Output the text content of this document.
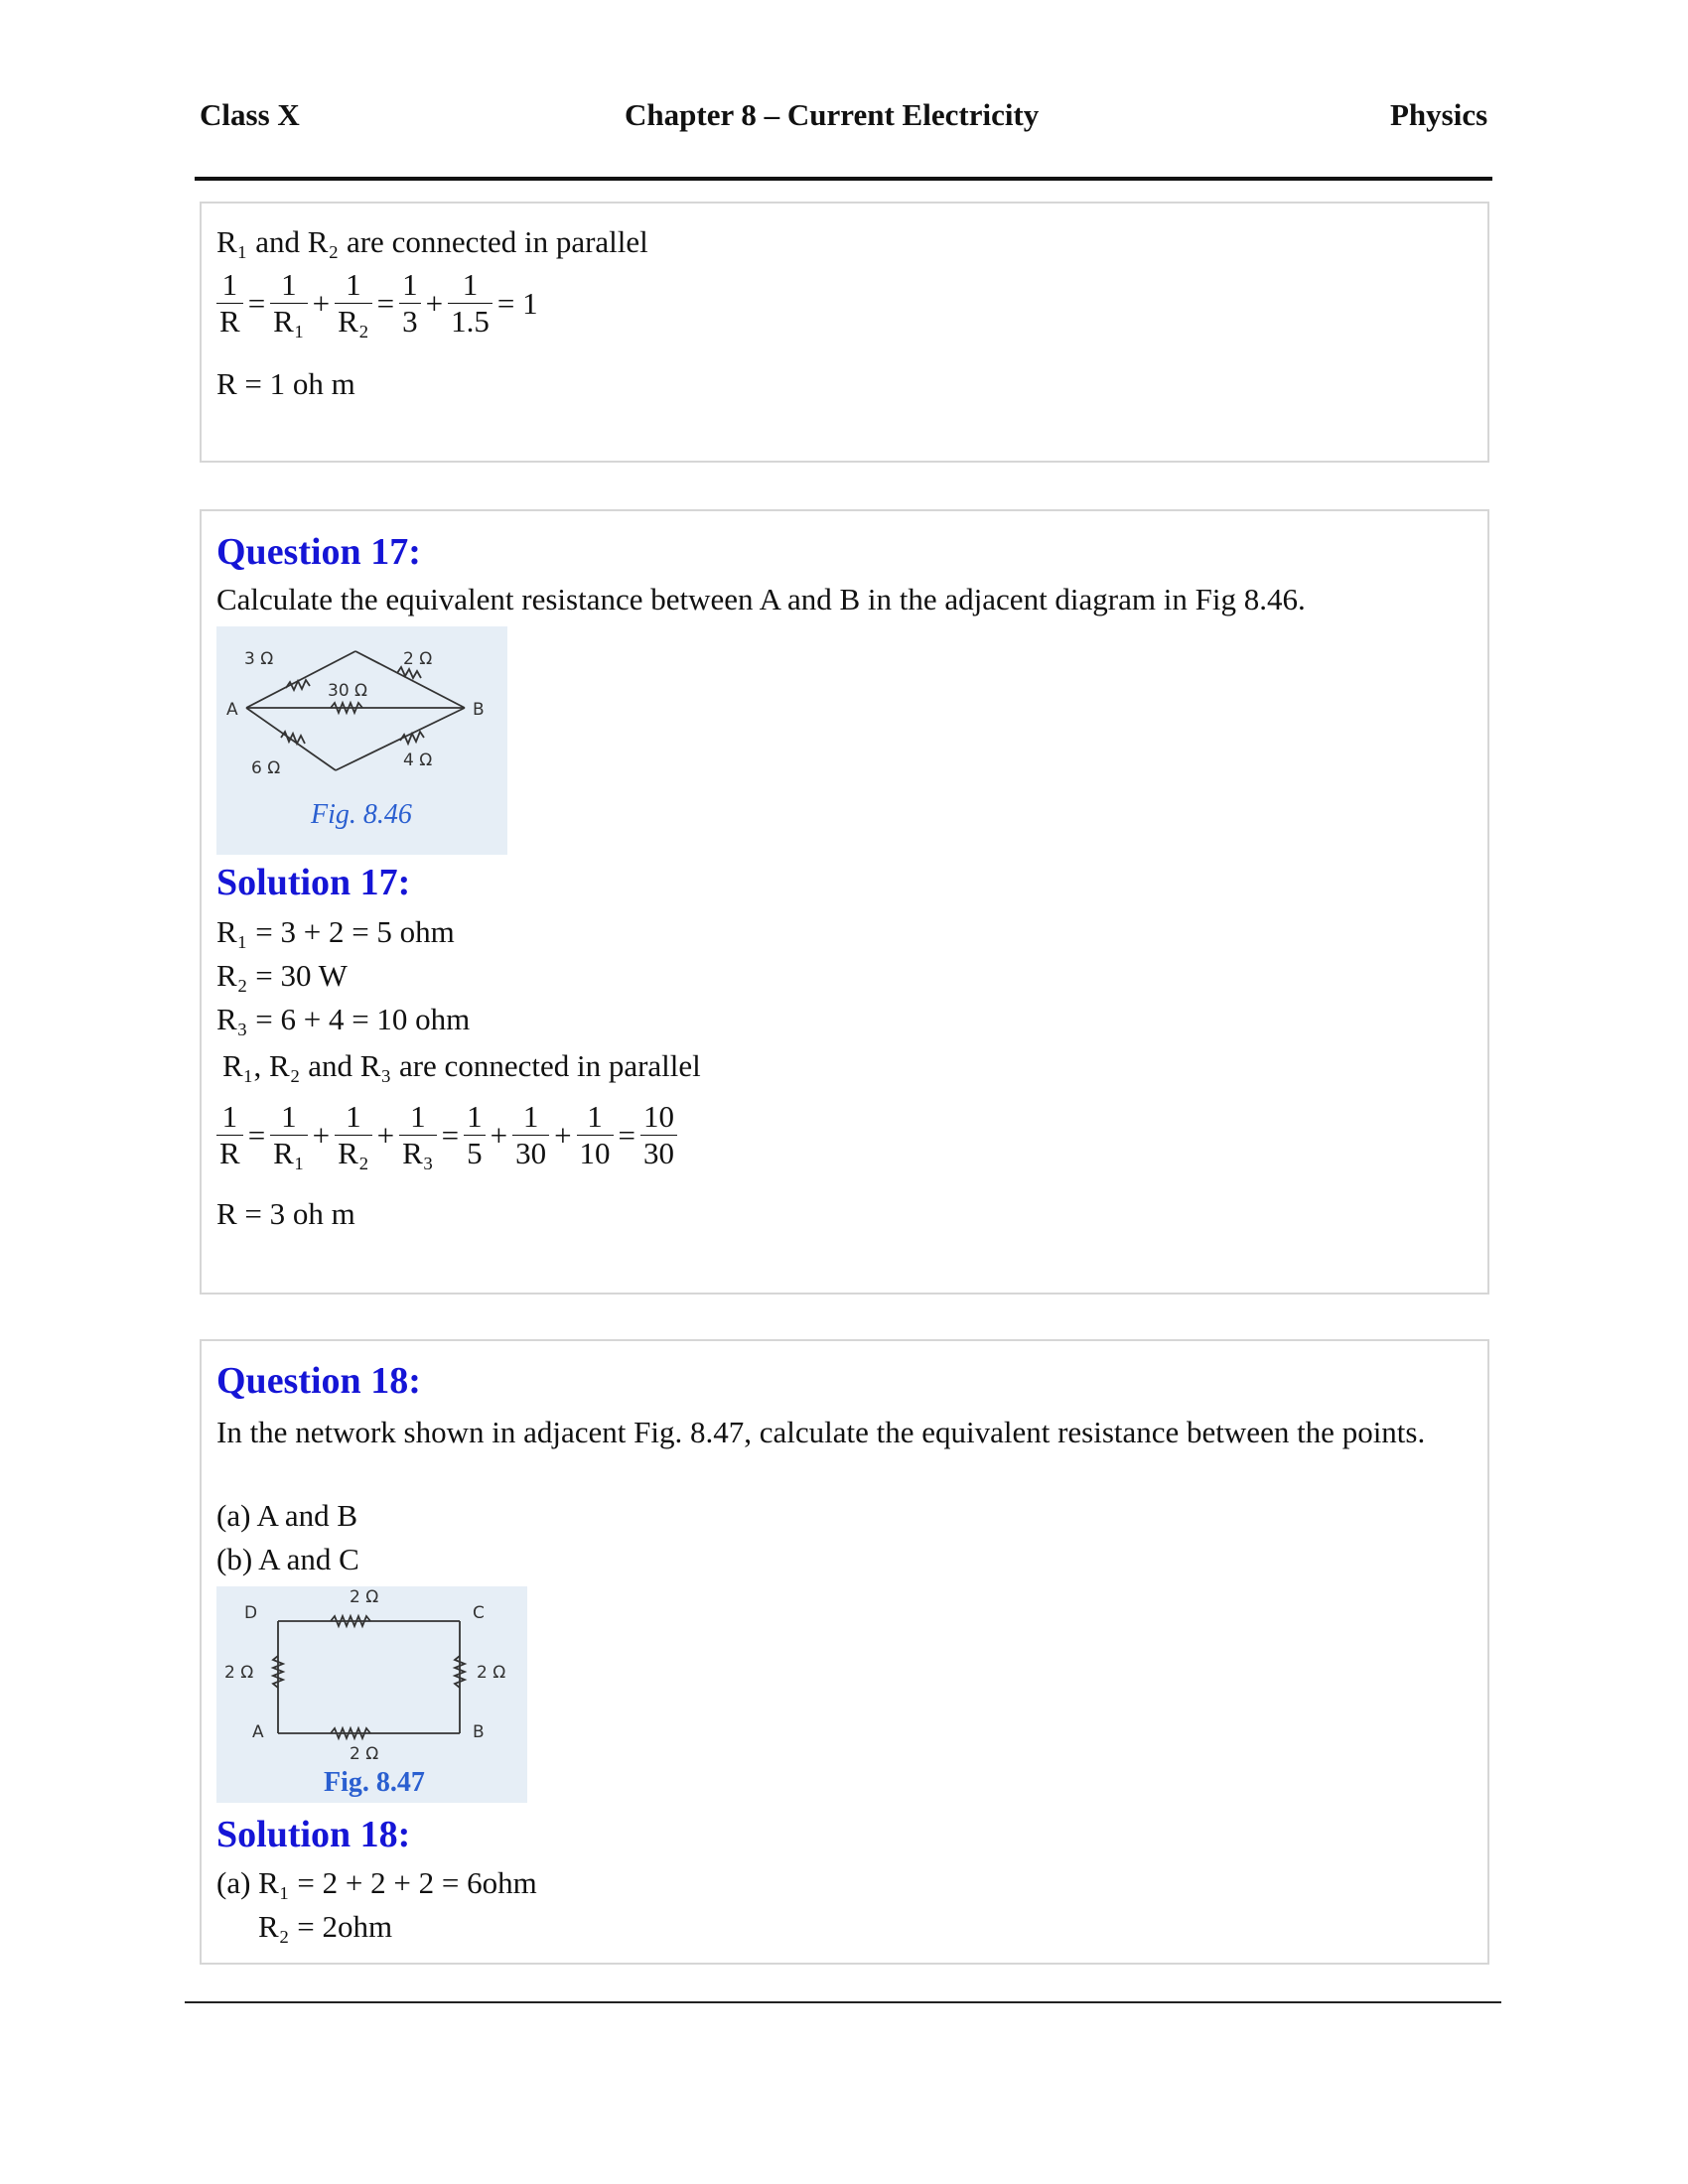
Class X	Chapter 8 – Current Electricity	Physics
R₁ and R₂ are connected in parallel
$\frac{1}{R} = \frac{1}{\text{R₁}} + \frac{1}{\text{R₂}} = \frac{1}{3} + \frac{1}{1.5} = 1$
R = 1 oh m
Question 17:
Calculate the equivalent resistance between A and B in the adjacent diagram in Fig 8.46.
3 Ω	2 Ω
30 Ω
A	B
6 Ω	4 Ω
Fig. 8.46
Solution 17:
R₁ = 3 + 2 = 5 ohm
R₂ = 30 W
R₃ = 6 + 4 = 10 ohm
R₁, R₂ and R₃ are connected in parallel
$\frac{1}{R} = \frac{1}{\text{R₁}} + \frac{1}{\text{R₂}} + \frac{1}{\text{R₃}} = \frac{1}{5} + \frac{1}{30} + \frac{1}{10} = \frac{10}{30}$
R = 3 oh m
Question 18:
In the network shown in adjacent Fig. 8.47, calculate the equivalent resistance between the points.
(a) A and B
(b) A and C
D	C
2 Ω
2 Ω	2 Ω
A	B
2 Ω
Fig. 8.47
Solution 18:
(a) R₁ = 2 + 2 + 2 = 6ohm
R₂ = 2ohm
